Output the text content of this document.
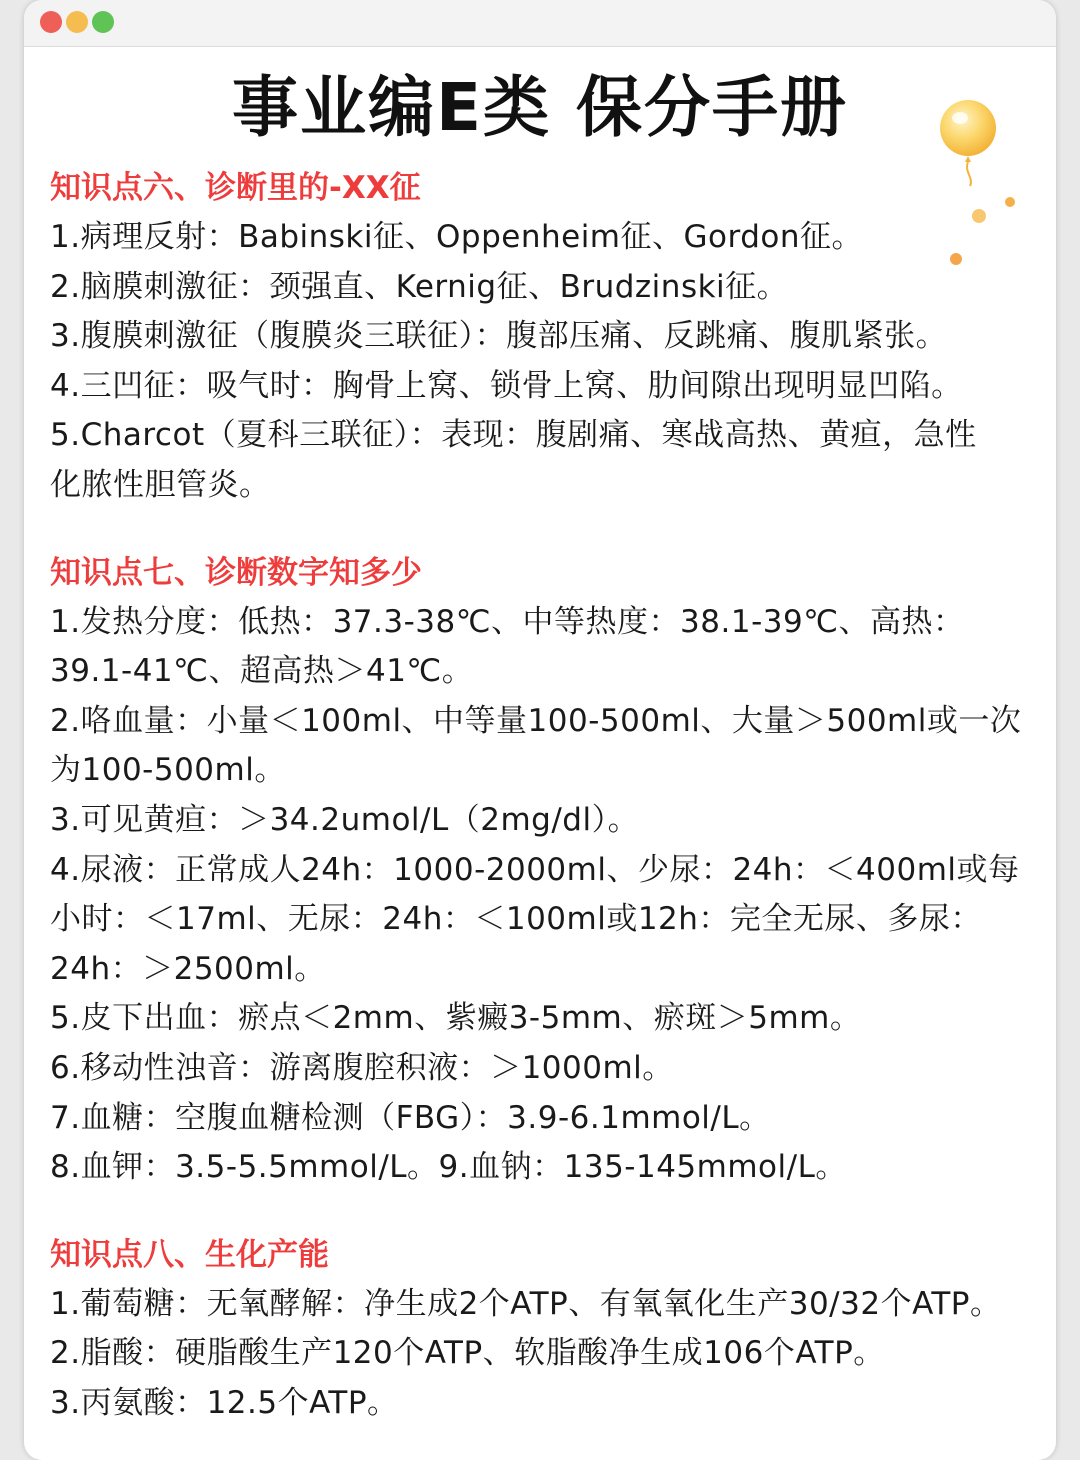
事业编E类 保分手册
知识点六、诊断里的-XX征
1.病理反射：Babinski征、Oppenheim征、Gordon征。
2.脑膜刺激征：颈强直、Kernig征、Brudzinski征。
3.腹膜刺激征（腹膜炎三联征）：腹部压痛、反跳痛、腹肌紧张。
4.三凹征：吸气时：胸骨上窝、锁骨上窝、肋间隙出现明显凹陷。
5.Charcot（夏科三联征）：表现：腹剧痛、寒战高热、黄疸，急性
化脓性胆管炎。
知识点七、诊断数字知多少
1.发热分度：低热：37.3-38℃、中等热度：38.1-39℃、高热：
39.1-41℃、超高热＞41℃。
2.咯血量：小量＜100ml、中等量100-500ml、大量＞500ml或一次
为100-500ml。
3.可见黄疸：＞34.2umol/L（2mg/dl）。
4.尿液：正常成人24h：1000-2000ml、少尿：24h：＜400ml或每
小时：＜17ml、无尿：24h：＜100ml或12h：完全无尿、多尿：
24h：＞2500ml。
5.皮下出血：瘀点＜2mm、紫癜3-5mm、瘀斑＞5mm。
6.移动性浊音：游离腹腔积液：＞1000ml。
7.血糖：空腹血糖检测（FBG）：3.9-6.1mmol/L。
8.血钾：3.5-5.5mmol/L。9.血钠：135-145mmol/L。
知识点八、生化产能
1.葡萄糖：无氧酵解：净生成2个ATP、有氧氧化生产30/32个ATP。
2.脂酸：硬脂酸生产120个ATP、软脂酸净生成106个ATP。
3.丙氨酸：12.5个ATP。
